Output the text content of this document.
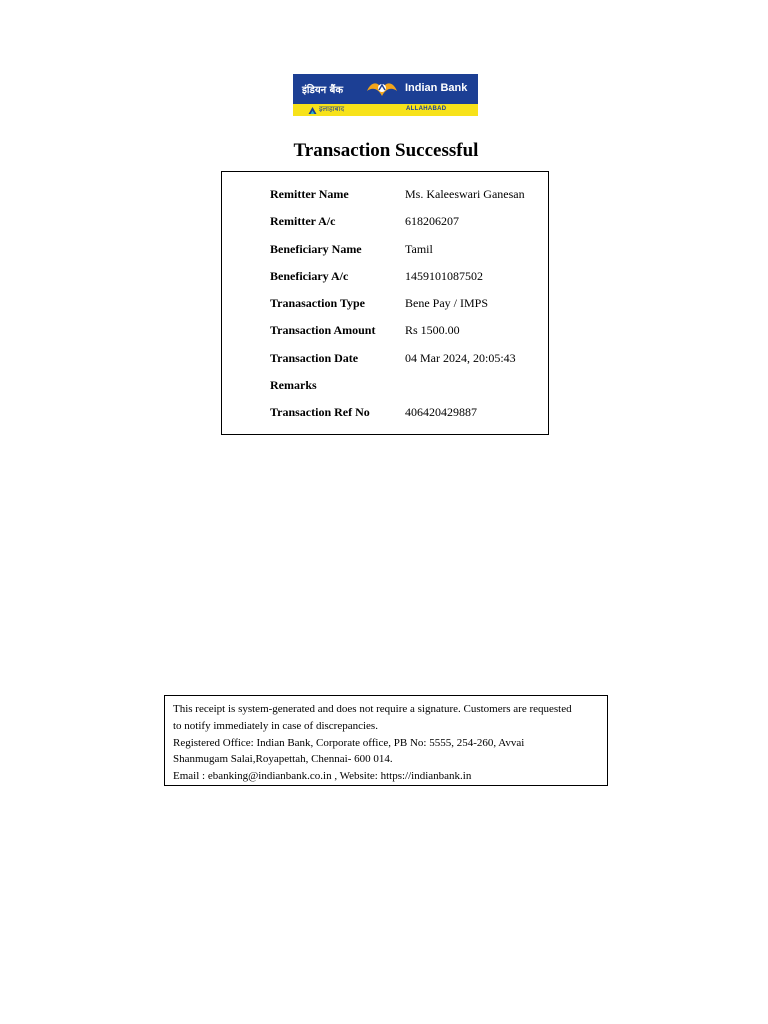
इंडियन बैंक	Indian Bank
इलाहाबाद	ALLAHABAD
Transaction Successful
Remitter Name	Ms. Kaleeswari Ganesan
Remitter A/c	618206207
Beneficiary Name	Tamil
Beneficiary A/c	1459101087502
Tranasaction Type	Bene Pay / IMPS
Transaction Amount Rs 1500.00
Transaction Date	04 Mar 2024, 20:05:43
Remarks
Transaction Ref No	406420429887
This receipt is system-generated and does not require a signature. Customers are requested
to notify immediately in case of discrepancies.
Registered Office: Indian Bank, Corporate office, PB No: 5555, 254-260, Avvai
Shanmugam Salai,Royapettah, Chennai- 600 014.
Email : ebanking@indianbank.co.in , Website: https://indianbank.in
